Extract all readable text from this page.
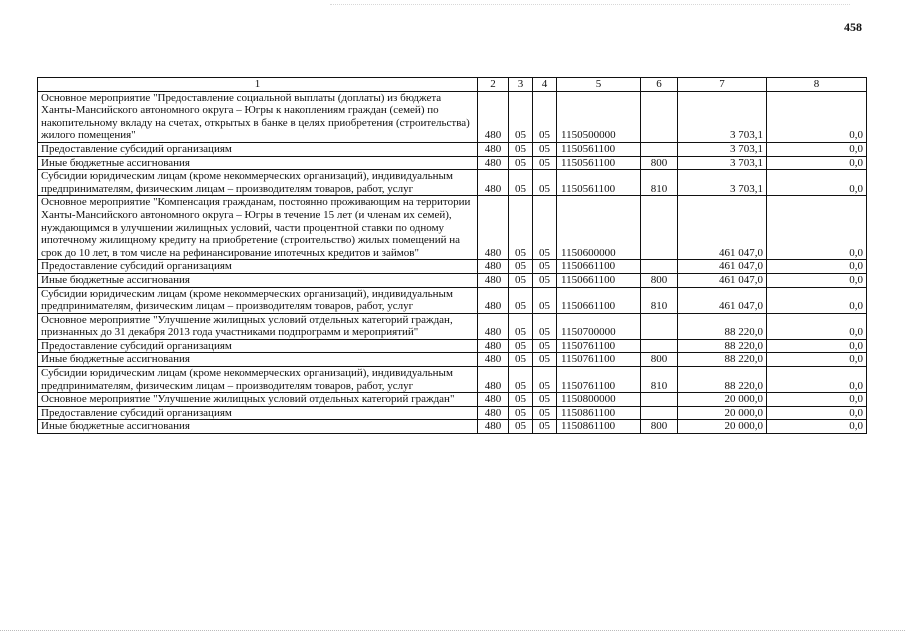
458
1	2	3	4	5	6	7	8
Основное мероприятие "Предоставление социальной выплаты (доплаты) из бюджета Ханты-Мансийского автономного округа – Югры к накоплениям граждан (семей) по накопительному вкладу на счетах, открытых в банке в целях приобретения (строительства) жилого помещения"	480	05	05	1150500000		3 703,1	0,0
Предоставление субсидий организациям	480	05	05	1150561100		3 703,1	0,0
Иные бюджетные ассигнования	480	05	05	1150561100	800	3 703,1	0,0
Субсидии юридическим лицам (кроме некоммерческих организаций), индивидуальным предпринимателям, физическим лицам – производителям товаров, работ, услуг	480	05	05	1150561100	810	3 703,1	0,0
Основное мероприятие "Компенсация гражданам, постоянно проживающим на территории Ханты-Мансийского автономного округа – Югры в течение 15 лет (и членам их семей), нуждающимся в улучшении жилищных условий, части процентной ставки по одному ипотечному жилищному кредиту на приобретение (строительство) жилых помещений на срок до 10 лет, в том числе на рефинансирование ипотечных кредитов и займов"	480	05	05	1150600000		461 047,0	0,0
Предоставление субсидий организациям	480	05	05	1150661100		461 047,0	0,0
Иные бюджетные ассигнования	480	05	05	1150661100	800	461 047,0	0,0
Субсидии юридическим лицам (кроме некоммерческих организаций), индивидуальным предпринимателям, физическим лицам – производителям товаров, работ, услуг	480	05	05	1150661100	810	461 047,0	0,0
Основное мероприятие "Улучшение жилищных условий отдельных категорий граждан, признанных до 31 декабря 2013 года участниками подпрограмм и мероприятий"	480	05	05	1150700000		88 220,0	0,0
Предоставление субсидий организациям	480	05	05	1150761100		88 220,0	0,0
Иные бюджетные ассигнования	480	05	05	1150761100	800	88 220,0	0,0
Субсидии юридическим лицам (кроме некоммерческих организаций), индивидуальным предпринимателям, физическим лицам – производителям товаров, работ, услуг	480	05	05	1150761100	810	88 220,0	0,0
Основное мероприятие "Улучшение жилищных условий отдельных категорий граждан"	480	05	05	1150800000		20 000,0	0,0
Предоставление субсидий организациям	480	05	05	1150861100		20 000,0	0,0
Иные бюджетные ассигнования	480	05	05	1150861100	800	20 000,0	0,0
